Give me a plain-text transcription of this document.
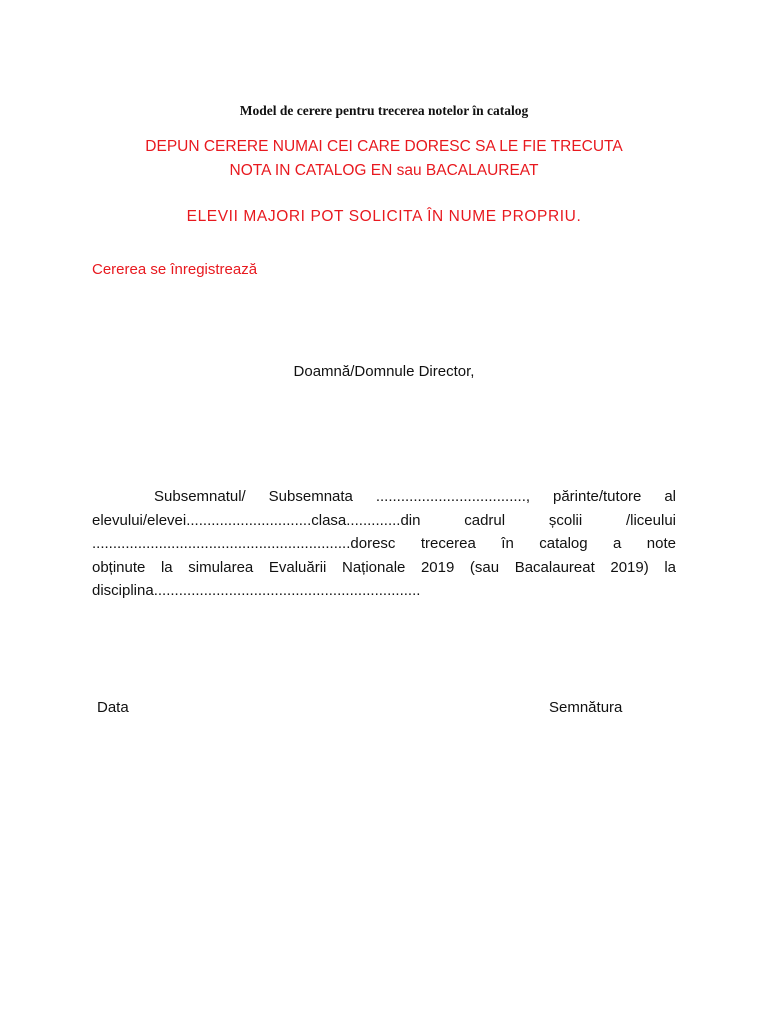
Model de cerere pentru trecerea notelor în catalog
DEPUN CERERE NUMAI CEI CARE DORESC SA LE FIE TRECUTA
NOTA IN CATALOG EN sau BACALAUREAT
ELEVII MAJORI POT SOLICITA ÎN NUME PROPRIU.
Cererea se înregistrează
Doamnă/Domnule Director,
Subsemnatul/ Subsemnata ...................................., părinte/tutore al
elevului/elevei..............................clasa.............din cadrul școlii /liceului
..............................................................doresc trecerea în catalog a note
obținute la simularea Evaluării Naționale 2019 (sau Bacalaureat 2019) la
disciplina................................................................
Data	Semnătura
